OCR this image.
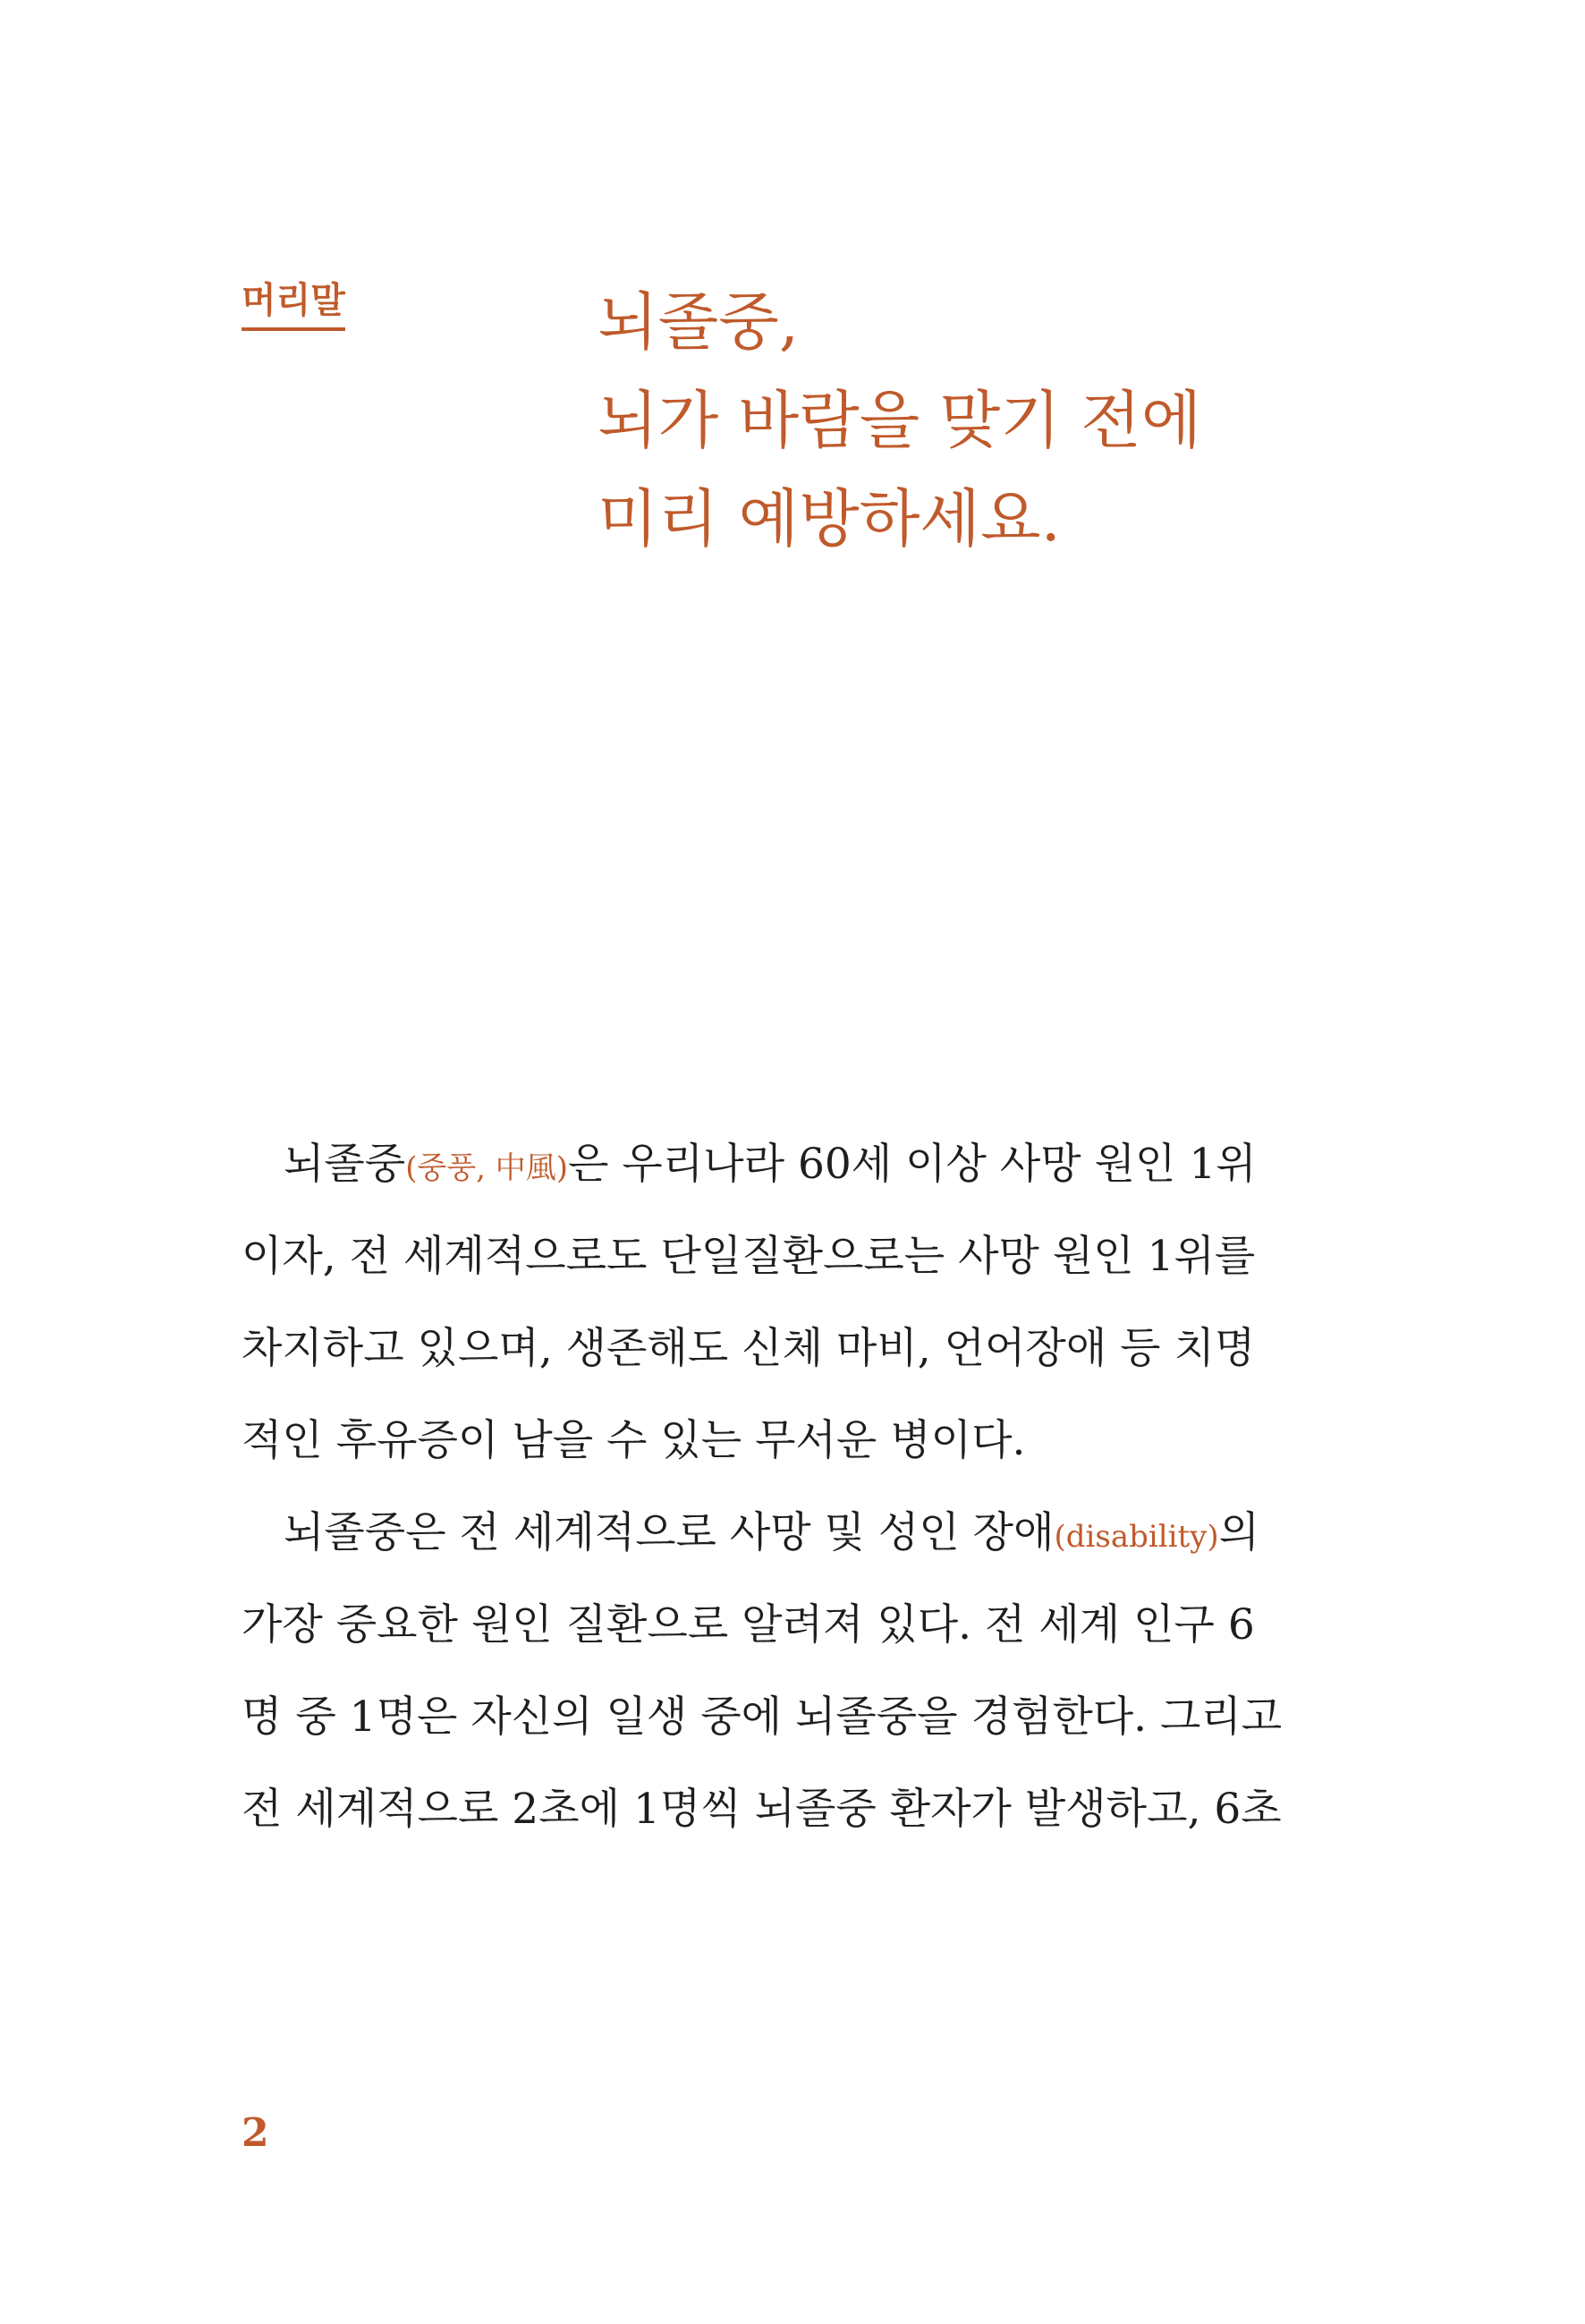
머리말	뇌졸중,
뇌가 바람을 맞기 전에
미리 예방하세요.
뇌졸중(중풍, 中風)은 우리나라 60세 이상 사망 원인 1위
이자, 전 세계적으로도 단일질환으로는 사망 원인 1위를
차지하고 있으며, 생존해도 신체 마비, 언어장애 등 치명
적인 후유증이 남을 수 있는 무서운 병이다.
뇌졸중은 전 세계적으로 사망 및 성인 장애(disability)의
가장 중요한 원인 질환으로 알려져 있다. 전 세계 인구 6
명 중 1명은 자신의 일생 중에 뇌졸중을 경험한다. 그리고
전 세계적으로 2초에 1명씩 뇌졸중 환자가 발생하고, 6초
2
